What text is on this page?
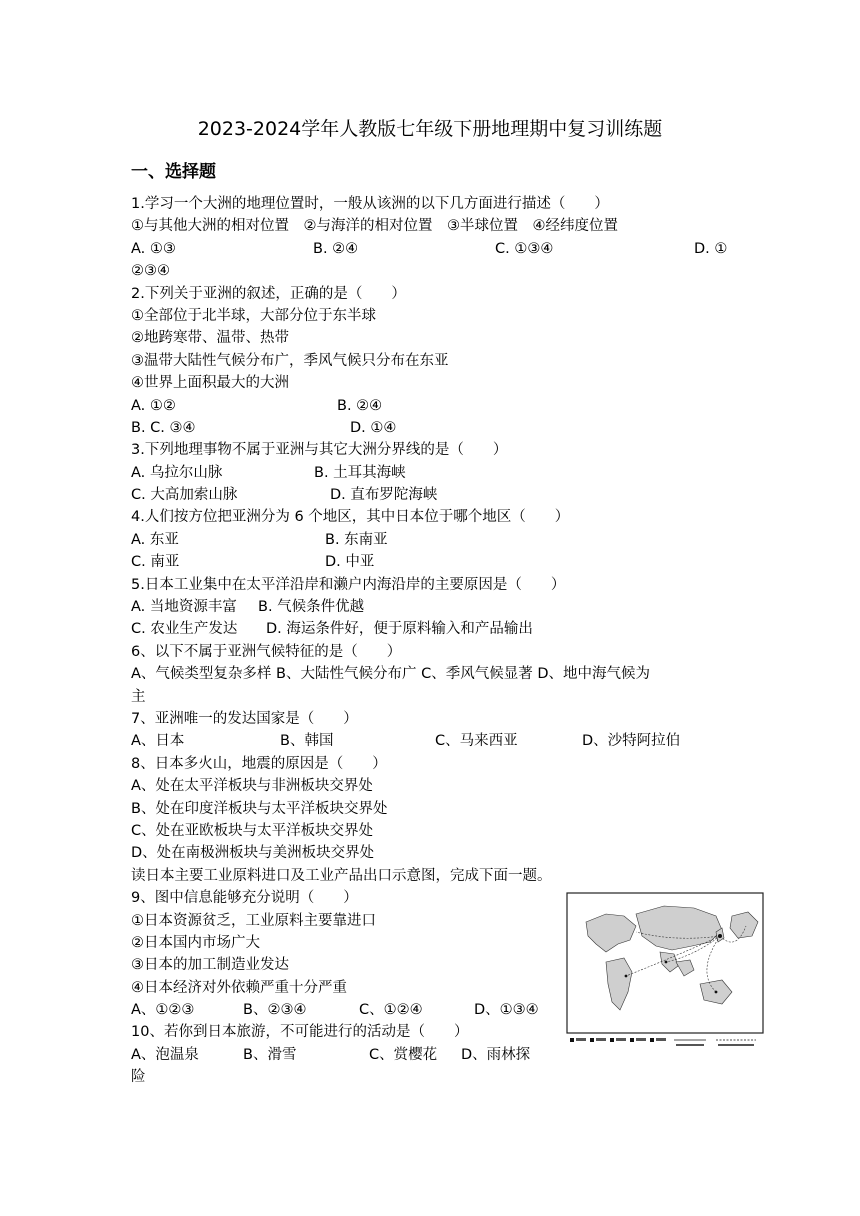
2023-2024学年人教版七年级下册地理期中复习训练题
一、选择题
1.学习一个大洲的地理位置时，一般从该洲的以下几方面进行描述（　　）
①与其他大洲的相对位置　②与海洋的相对位置　③半球位置　④经纬度位置
A. ①③	B. ②④	C. ①③④	D. ①
②③④
2.下列关于亚洲的叙述，正确的是（　　）
①全部位于北半球，大部分位于东半球
②地跨寒带、温带、热带
③温带大陆性气候分布广，季风气候只分布在东亚
④世界上面积最大的大洲
A. ①②	B. ②④
B. C. ③④	D. ①④
3.下列地理事物不属于亚洲与其它大洲分界线的是（　　）
A. 乌拉尔山脉	B. 土耳其海峡
C. 大高加索山脉	D. 直布罗陀海峡
4.人们按方位把亚洲分为 6 个地区，其中日本位于哪个地区（　　）
A. 东亚	B. 东南亚
C. 南亚	D. 中亚
5.日本工业集中在太平洋沿岸和濑户内海沿岸的主要原因是（　　）
A. 当地资源丰富 B. 气候条件优越
C. 农业生产发达 D. 海运条件好，便于原料输入和产品输出
6、以下不属于亚洲气候特征的是（　　）
A、气候类型复杂多样 B、大陆性气候分布广 C、季风气候显著 D、地中海气候为
主
7、亚洲唯一的发达国家是（　　）
A、日本	B、韩国	C、马来西亚	D、沙特阿拉伯
8、日本多火山，地震的原因是（　　）
A、处在太平洋板块与非洲板块交界处
B、处在印度洋板块与太平洋板块交界处
C、处在亚欧板块与太平洋板块交界处
D、处在南极洲板块与美洲板块交界处
读日本主要工业原料进口及工业产品出口示意图，完成下面一题。
9、图中信息能够充分说明（　　）
①日本资源贫乏，工业原料主要靠进口
②日本国内市场广大
③日本的加工制造业发达
④日本经济对外依赖严重十分严重
A、①②③	B、②③④	C、①②④	D、①③④
10、若你到日本旅游，不可能进行的活动是（　　）
A、泡温泉	B、滑雪	C、赏樱花 D、雨林探
险
